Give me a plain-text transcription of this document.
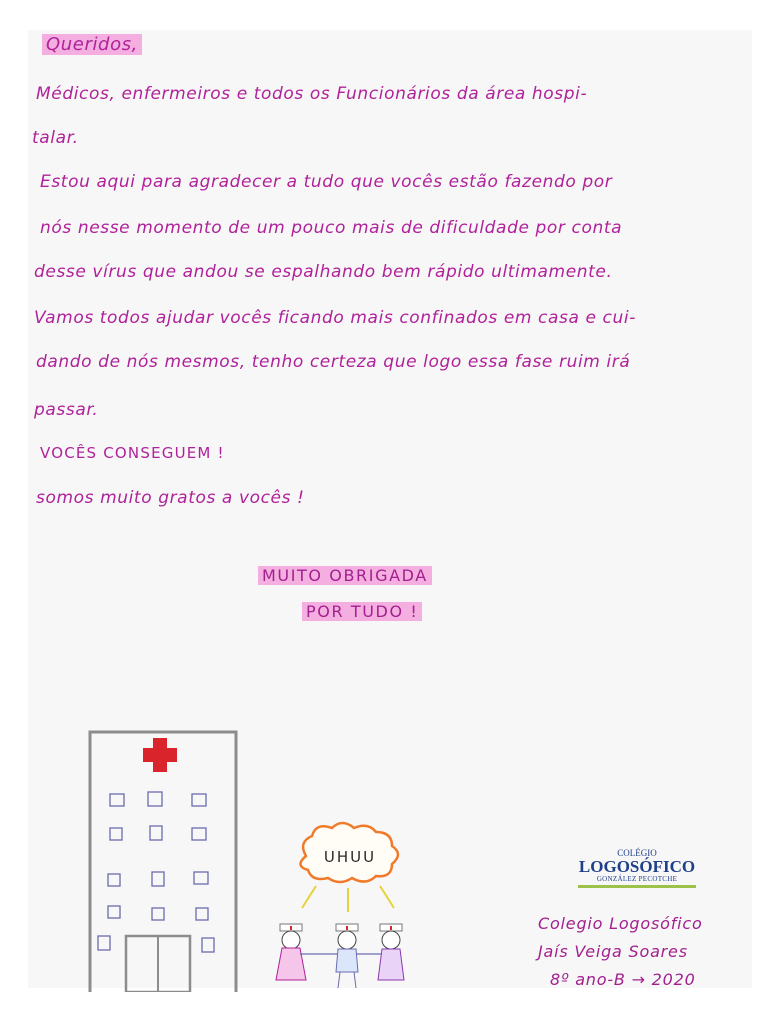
Queridos,
Médicos, enfermeiros e todos os Funcionários da área hospi-
talar.
Estou aqui para agradecer a tudo que vocês estão fazendo por
nós nesse momento de um pouco mais de dificuldade por conta
desse vírus que andou se espalhando bem rápido ultimamente.
Vamos todos ajudar vocês ficando mais confinados em casa e cui-
dando de nós mesmos, tenho certeza que logo essa fase ruim irá
passar.
VOCÊS CONSEGUEM !
somos muito gratos a vocês !
MUITO OBRIGADA
POR TUDO !
UHUU	COLÉGIO
LOGOSÓFICO
GONZÁLEZ PECOTCHE
Colegio Logosófico
Jaís Veiga Soares
8º ano-B → 2020
